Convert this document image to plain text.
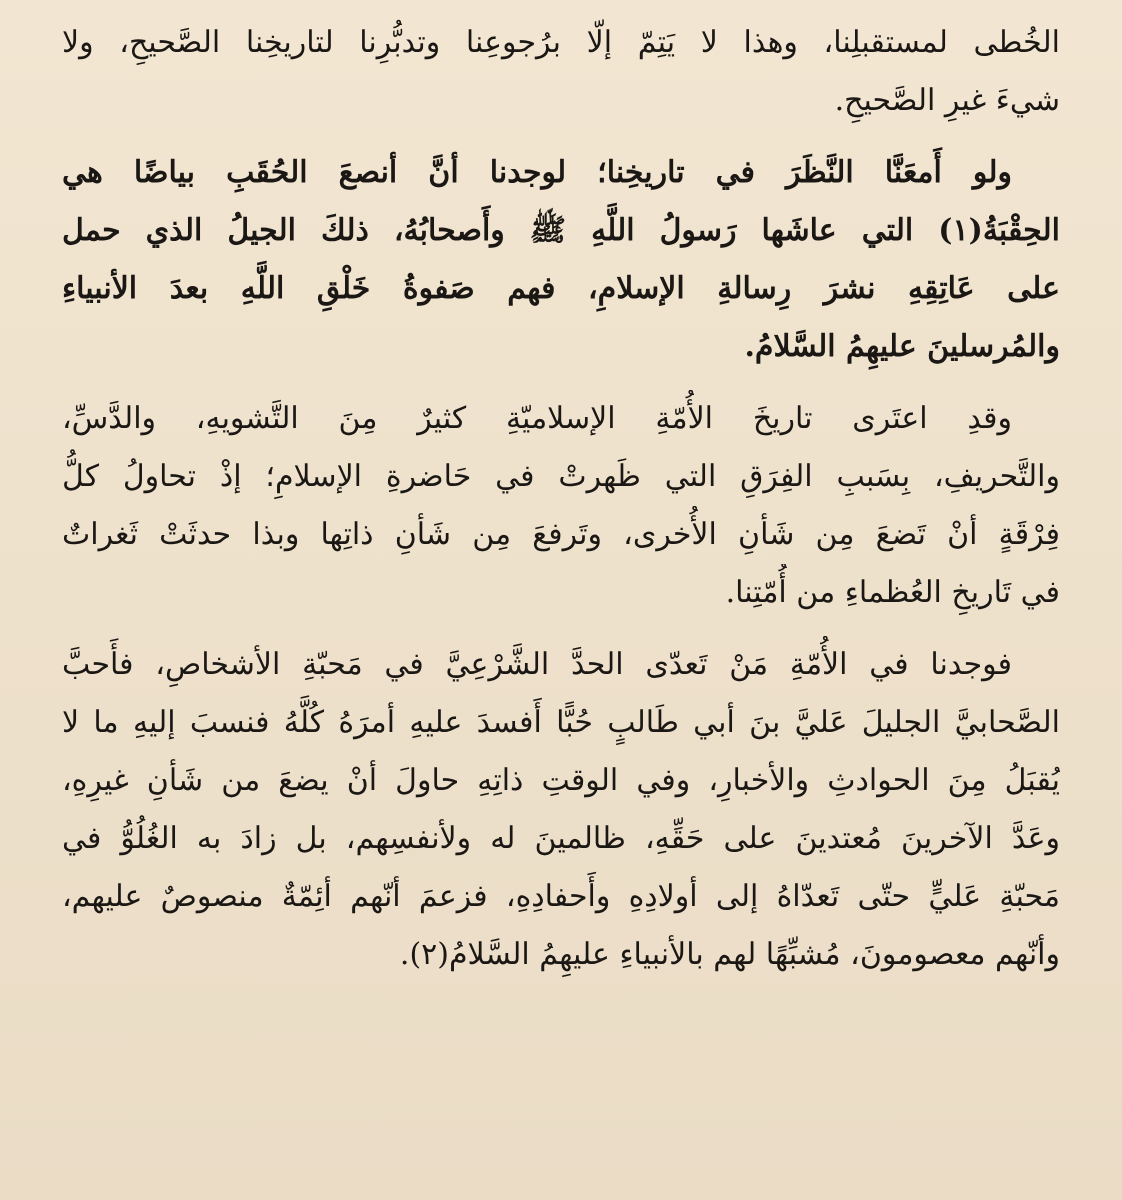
الخُطى لمستقبلِنا، وهذا لا يَتِمّ إلّا برُجوعِنا وتدبُّرِنا لتاريخِنا الصَّحيحِ، ولا
شيءَ غيرِ الصَّحيحِ.

ولو أَمعَنَّا النَّظَرَ في تاريخِنا؛ لوجدنا أنَّ أنصعَ الحُقَبِ بياضًا هي
الحِقْبَةُ(١) التي عاشَها رَسولُ اللَّهِ ﷺ وأَصحابُهُ، ذلكَ الجيلُ الذي حمل
على عَاتِقِهِ نشرَ رِسالةِ الإسلامِ، فهم صَفوةُ خَلْقِ اللَّهِ بعدَ الأنبياءِ
والمُرسلينَ عليهِمُ السَّلامُ.

وقدِ اعتَرى تاريخَ الأُمّةِ الإسلاميّةِ كثيرٌ مِنَ التَّشويهِ، والدَّسِّ،
والتَّحريفِ، بِسَببِ الفِرَقِ التي ظَهرتْ في حَاضرةِ الإسلامِ؛ إذْ تحاولُ كلُّ
فِرْقَةٍ أنْ تَضعَ مِن شَأنِ الأُخرى، وتَرفعَ مِن شَأنِ ذاتِها وبذا حدثَتْ ثَغراتٌ
في تَاريخِ العُظماءِ من أُمّتِنا.

فوجدنا في الأُمّةِ مَنْ تَعدّى الحدَّ الشَّرْعِيَّ في مَحبّةِ الأشخاصِ، فأَحبَّ
الصَّحابيَّ الجليلَ عَليَّ بنَ أبي طَالبٍ حُبًّا أَفسدَ عليهِ أمرَهُ كُلَّهُ فنسبَ إليهِ ما لا
يُقبَلُ مِنَ الحوادثِ والأخبارِ، وفي الوقتِ ذاتِهِ حاولَ أنْ يضعَ من شَأنِ غيرِهِ،
وعَدَّ الآخرينَ مُعتدينَ على حَقِّهِ، ظالمينَ له ولأنفسِهم، بل زادَ به الغُلُوُّ في
مَحبّةِ عَليٍّ حتّى تَعدّاهُ إلى أولادِهِ وأَحفادِهِ، فزعمَ أنّهم أئِمّةٌ منصوصٌ عليهم،
وأنّهم معصومونَ، مُشبِّهًا لهم بالأنبياءِ عليهِمُ السَّلامُ(٢).
